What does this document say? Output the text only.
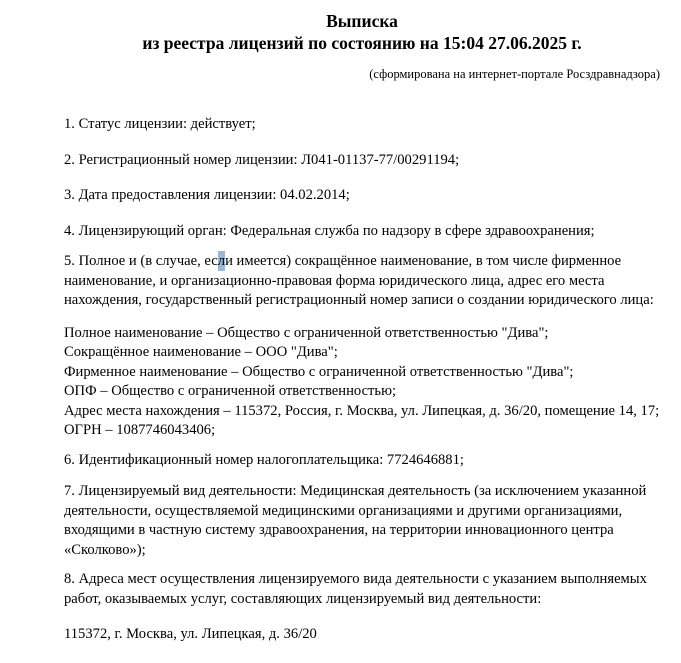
Выписка
из реестра лицензий по состоянию на 15:04 27.06.2025 г.
(сформирована на интернет-портале Росздравнадзора)

1. Статус лицензии: действует;

2. Регистрационный номер лицензии: Л041-01137-77/00291194;

3. Дата предоставления лицензии: 04.02.2014;

4. Лицензирующий орган: Федеральная служба по надзору в сфере здравоохранения;

5. Полное и (в случае, если имеется) сокращённое наименование, в том числе фирменное наименование, и организационно-правовая форма юридического лица, адрес его места нахождения, государственный регистрационный номер записи о создании юридического лица:

Полное наименование – Общество с ограниченной ответственностью "Дива";
Сокращённое наименование – ООО "Дива";
Фирменное наименование – Общество с ограниченной ответственностью "Дива";
ОПФ – Общество с ограниченной ответственностью;
Адрес места нахождения – 115372, Россия, г. Москва, ул. Липецкая, д. 36/20, помещение 14, 17;
ОГРН – 1087746043406;

6. Идентификационный номер налогоплательщика: 7724646881;

7. Лицензируемый вид деятельности: Медицинская деятельность (за исключением указанной деятельности, осуществляемой медицинскими организациями и другими организациями, входящими в частную систему здравоохранения, на территории инновационного центра «Сколково»);

8. Адреса мест осуществления лицензируемого вида деятельности с указанием выполняемых работ, оказываемых услуг, составляющих лицензируемый вид деятельности:

115372, г. Москва, ул. Липецкая, д. 36/20
